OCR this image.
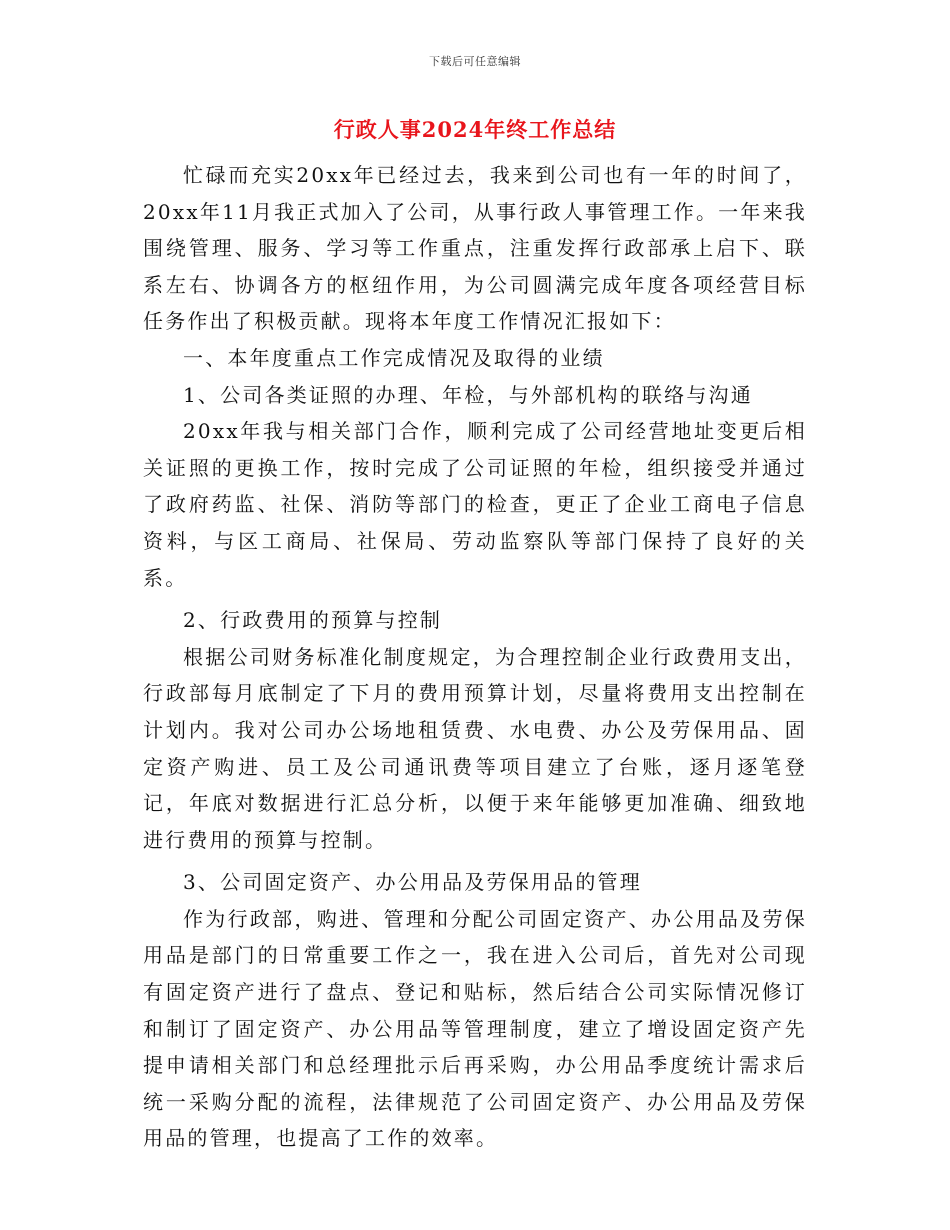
下载后可任意编辑
行政人事2024年终工作总结

忙碌而充实20xx年已经过去，我来到公司也有一年的时间了，20xx年11月我正式加入了公司，从事行政人事管理工作。一年来我围绕管理、服务、学习等工作重点，注重发挥行政部承上启下、联系左右、协调各方的枢纽作用，为公司圆满完成年度各项经营目标任务作出了积极贡献。现将本年度工作情况汇报如下：

一、本年度重点工作完成情况及取得的业绩

1、公司各类证照的办理、年检，与外部机构的联络与沟通

20xx年我与相关部门合作，顺利完成了公司经营地址变更后相关证照的更换工作，按时完成了公司证照的年检，组织接受并通过了政府药监、社保、消防等部门的检查，更正了企业工商电子信息资料，与区工商局、社保局、劳动监察队等部门保持了良好的关系。

2、行政费用的预算与控制

根据公司财务标准化制度规定，为合理控制企业行政费用支出，行政部每月底制定了下月的费用预算计划，尽量将费用支出控制在计划内。我对公司办公场地租赁费、水电费、办公及劳保用品、固定资产购进、员工及公司通讯费等项目建立了台账，逐月逐笔登记，年底对数据进行汇总分析，以便于来年能够更加准确、细致地进行费用的预算与控制。

3、公司固定资产、办公用品及劳保用品的管理

作为行政部，购进、管理和分配公司固定资产、办公用品及劳保用品是部门的日常重要工作之一，我在进入公司后，首先对公司现有固定资产进行了盘点、登记和贴标，然后结合公司实际情况修订和制订了固定资产、办公用品等管理制度，建立了增设固定资产先提申请相关部门和总经理批示后再采购，办公用品季度统计需求后统一采购分配的流程，法律规范了公司固定资产、办公用品及劳保用品的管理，也提高了工作的效率。
